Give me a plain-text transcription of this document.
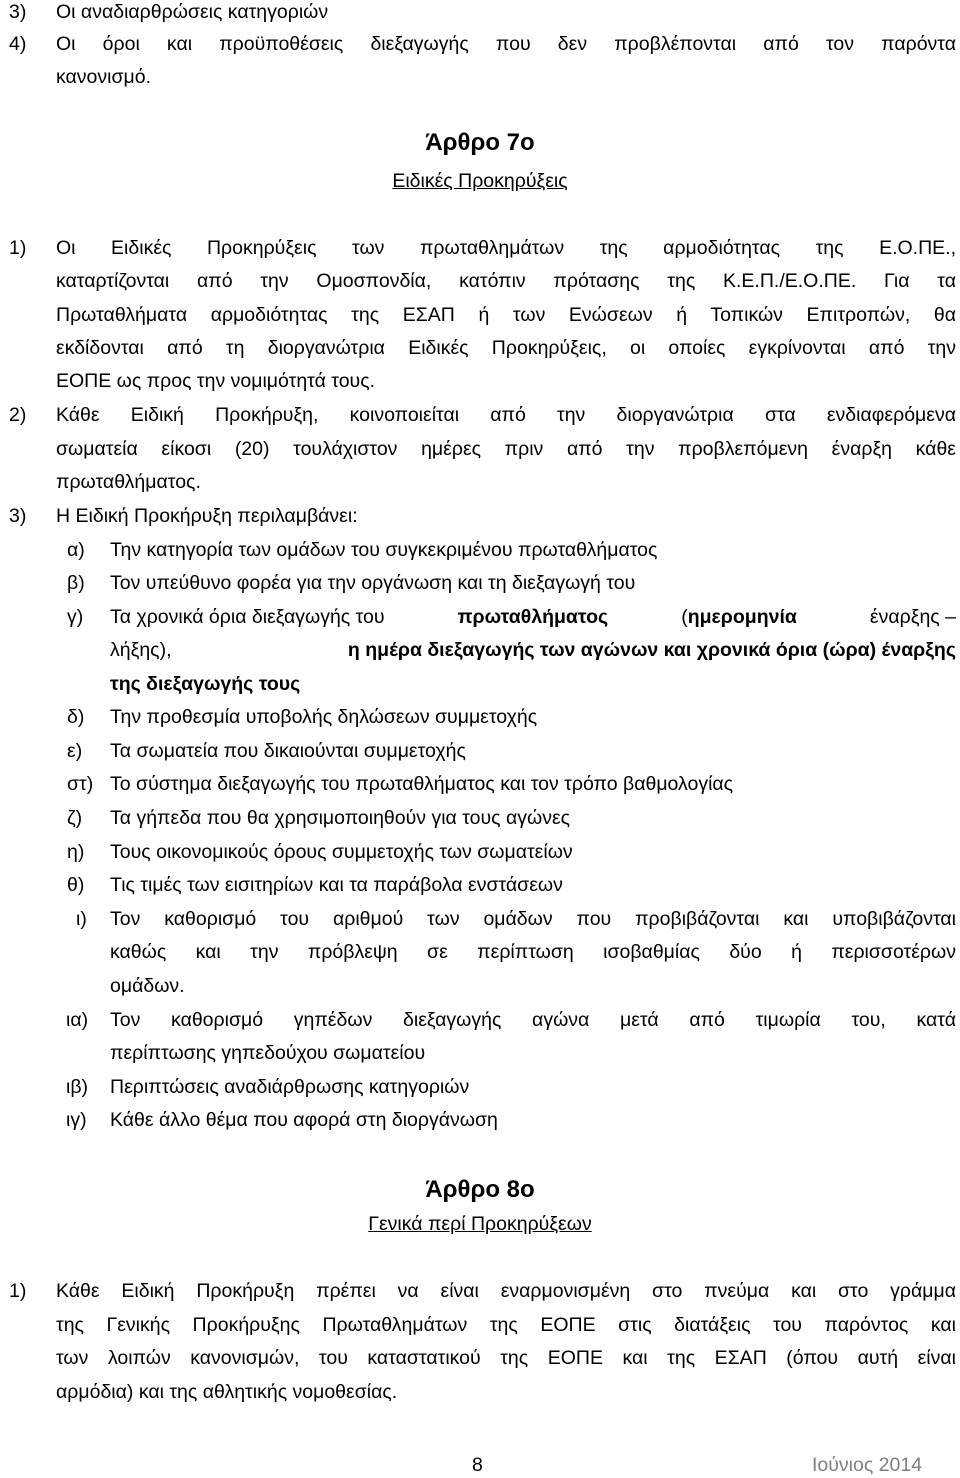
3) Οι αναδιαρθρώσεις κατηγοριών
4) Οι όροι και προϋποθέσεις διεξαγωγής που δεν προβλέπονται από τον παρόντα
κανονισμό.
Άρθρο 7ο
Ειδικές Προκηρύξεις
1) Οι Ειδικές Προκηρύξεις των πρωταθλημάτων της αρμοδιότητας της Ε.Ο.ΠΕ.,
καταρτίζονται από την Ομοσπονδία, κατόπιν πρότασης της Κ.Ε.Π./Ε.Ο.ΠΕ. Για τα
Πρωταθλήματα αρμοδιότητας της ΕΣΑΠ ή των Ενώσεων ή Τοπικών Επιτροπών, θα
εκδίδονται από τη διοργανώτρια Ειδικές Προκηρύξεις, οι οποίες εγκρίνονται από την
ΕΟΠΕ ως προς την νομιμότητά τους.
2) Κάθε Ειδική Προκήρυξη, κοινοποιείται από την διοργανώτρια στα ενδιαφερόμενα
σωματεία είκοσι (20) τουλάχιστον ημέρες πριν από την προβλεπόμενη έναρξη κάθε
πρωταθλήματος.
3) Η Ειδική Προκήρυξη περιλαμβάνει:
α) Την κατηγορία των ομάδων του συγκεκριμένου πρωταθλήματος
β) Τον υπεύθυνο φορέα για την οργάνωση και τη διεξαγωγή του
γ) Τα χρονικά όρια διεξαγωγής του	πρωταθλήματος	(ημερομηνία	έναρξης –
λήξης),	η ημέρα διεξαγωγής των αγώνων και χρονικά όρια (ώρα) έναρξης
της διεξαγωγής τους
δ) Την προθεσμία υποβολής δηλώσεων συμμετοχής
ε) Τα σωματεία που δικαιούνται συμμετοχής
στ) Το σύστημα διεξαγωγής του πρωταθλήματος και τον τρόπο βαθμολογίας
ζ) Τα γήπεδα που θα χρησιμοποιηθούν για τους αγώνες
η) Τους οικονομικούς όρους συμμετοχής των σωματείων
θ) Τις τιμές των εισιτηρίων και τα παράβολα ενστάσεων
ι) Τον καθορισμό του αριθμού των ομάδων που προβιβάζονται και υποβιβάζονται
καθώς και την πρόβλεψη σε περίπτωση ισοβαθμίας δύο ή περισσοτέρων
ομάδων.
ια) Τον καθορισμό γηπέδων διεξαγωγής αγώνα μετά από τιμωρία του, κατά
περίπτωσης γηπεδούχου σωματείου
ιβ) Περιπτώσεις αναδιάρθρωσης κατηγοριών
ιγ) Κάθε άλλο θέμα που αφορά στη διοργάνωση
Άρθρο 8ο
Γενικά περί Προκηρύξεων
1) Κάθε Ειδική Προκήρυξη πρέπει να είναι εναρμονισμένη στο πνεύμα και στο γράμμα
της Γενικής Προκήρυξης Πρωταθλημάτων της ΕΟΠΕ στις διατάξεις του παρόντος και
των λοιπών κανονισμών, του καταστατικού της ΕΟΠΕ και της ΕΣΑΠ (όπου αυτή είναι
αρμόδια) και της αθλητικής νομοθεσίας.
8	Ιούνιος 2014
